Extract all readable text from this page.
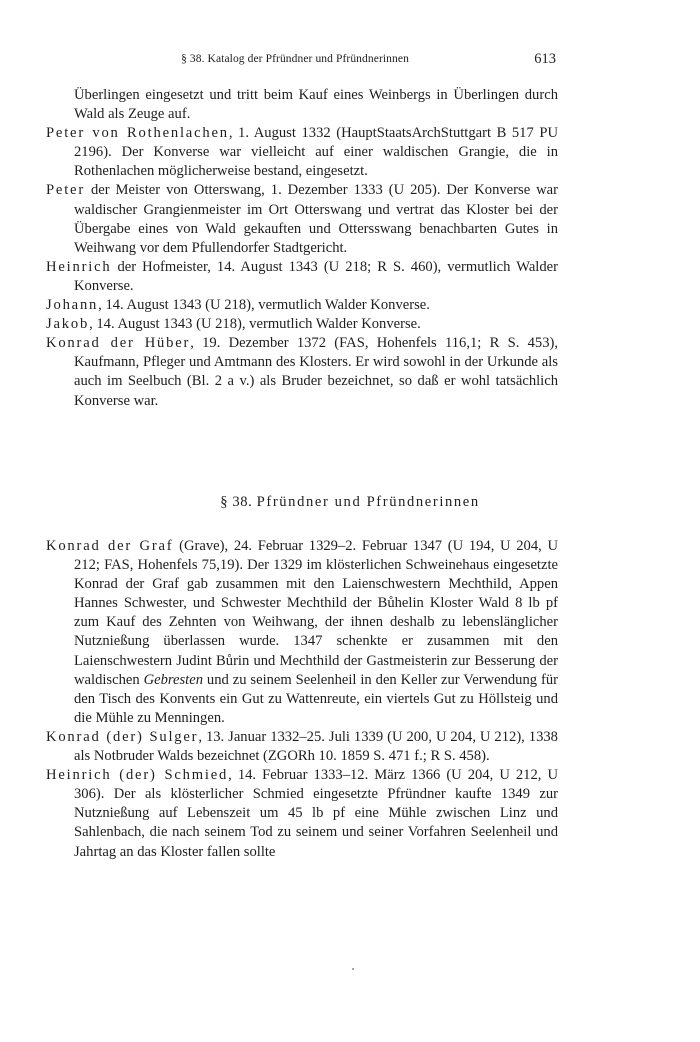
§ 38. Katalog der Pfründner und Pfründnerinnen	613
Überlingen eingesetzt und tritt beim Kauf eines Weinbergs in Überlingen durch Wald als Zeuge auf.
Peter von Rothenlachen, 1. August 1332 (HauptStaatsArchStuttgart B 517 PU 2196). Der Konverse war vielleicht auf einer waldischen Grangie, die in Rothenlachen möglicherweise bestand, eingesetzt.
Peter der Meister von Otterswang, 1. Dezember 1333 (U 205). Der Konverse war waldischer Grangienmeister im Ort Otterswang und vertrat das Kloster bei der Übergabe eines von Wald gekauften und Ottersswang benachbarten Gutes in Weihwang vor dem Pfullendorfer Stadtgericht.
Heinrich der Hofmeister, 14. August 1343 (U 218; R S. 460), vermutlich Walder Konverse.
Johann, 14. August 1343 (U 218), vermutlich Walder Konverse.
Jakob, 14. August 1343 (U 218), vermutlich Walder Konverse.
Konrad der Hüber, 19. Dezember 1372 (FAS, Hohenfels 116,1; R S. 453), Kaufmann, Pfleger und Amtmann des Klosters. Er wird sowohl in der Urkunde als auch im Seelbuch (Bl. 2 a v.) als Bruder bezeichnet, so daß er wohl tatsächlich Konverse war.
§ 38. Pfründner und Pfründnerinnen
Konrad der Graf (Grave), 24. Februar 1329–2. Februar 1347 (U 194, U 204, U 212; FAS, Hohenfels 75,19). Der 1329 im klösterlichen Schweinehaus eingesetzte Konrad der Graf gab zusammen mit den Laienschwestern Mechthild, Appen Hannes Schwester, und Schwester Mechthild der Bůhelin Kloster Wald 8 lb pf zum Kauf des Zehnten von Weihwang, der ihnen deshalb zu lebenslänglicher Nutznießung überlassen wurde. 1347 schenkte er zusammen mit den Laienschwestern Judint Bůrin und Mechthild der Gastmeisterin zur Besserung der waldischen Gebresten und zu seinem Seelenheil in den Keller zur Verwendung für den Tisch des Konvents ein Gut zu Wattenreute, ein viertels Gut zu Höllsteig und die Mühle zu Menningen.
Konrad (der) Sulger, 13. Januar 1332–25. Juli 1339 (U 200, U 204, U 212), 1338 als Notbruder Walds bezeichnet (ZGORh 10. 1859 S. 471 f.; R S. 458).
Heinrich (der) Schmied, 14. Februar 1333–12. März 1366 (U 204, U 212, U 306). Der als klösterlicher Schmied eingesetzte Pfründner kaufte 1349 zur Nutznießung auf Lebenszeit um 45 lb pf eine Mühle zwischen Linz und Sahlenbach, die nach seinem Tod zu seinem und seiner Vorfahren Seelenheil und Jahrtag an das Kloster fallen sollte
